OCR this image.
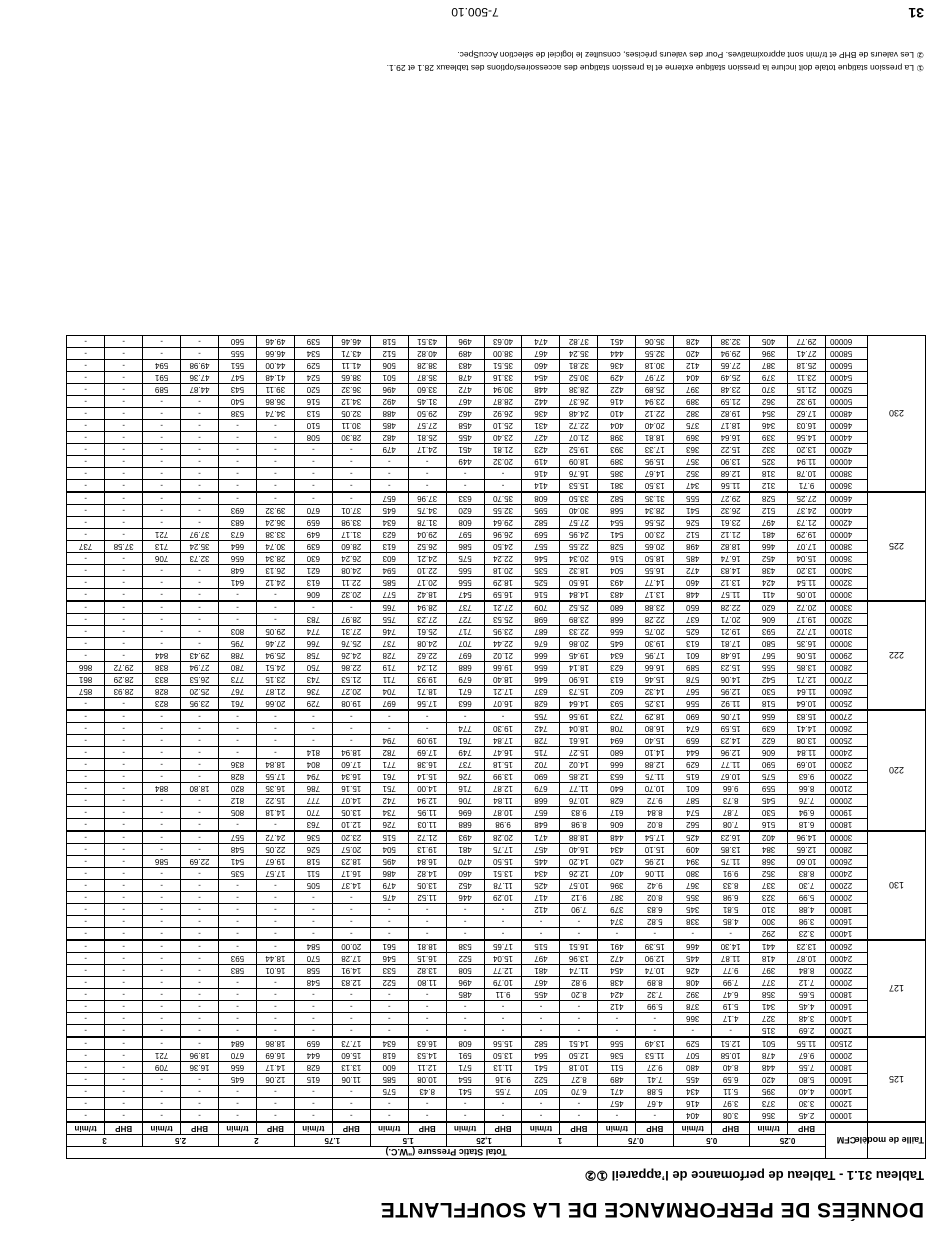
DONNÉES DE PERFORMANCE DE LA SOUFFLANTE
Tableau 31.1 - Tableau de perfomance de l’appareil ①②
Taille de modèle	CFM	Total Static Pressure ("W.C.)																			
		0.25		0.5		0.75		1		1,25		1.5		1.75		2		2.5		3	
		BHP	tr/min	BHP	tr/min	BHP	tr/min	BHP	tr/min	BHP	tr/min	BHP	tr/min	BHP	tr/min	BHP	tr/min	BHP	tr/min	BHP	tr/min
125	10000	2.45	356	3.08	404	-	-	-	-	-	-	-	-	-	-	-	-	-	-	-	-
	12000	3.30	373	3.97	416	4.67	457	-	-	-	-	-	-	-	-	-	-	-	-	-	-
	14000	4.40	395	5.11	434	5.88	471	6.70	507	7.55	541	8.43	575	-	-	-	-	-	-	-	-
	16000	5.80	420	6.59	455	7.41	489	8.27	522	9.16	554	10.08	585	11.06	615	12.06	645	-	-	-	-
	18000	7.55	448	8.40	480	9.27	511	10.18	541	11.13	571	12.11	600	13.13	628	14.17	656	16.36	709	-	-
	20000	9.67	478	10.58	507	11.53	536	12.50	564	13.50	591	14.53	618	15.60	644	16.69	670	18.96	721	-	-
	21500	11.55	501	12.51	529	13.49	556	14.51	582	15.56	608	16.63	634	17.73	659	18.86	684	-	-	-	-
127	12000	2.69	315	-	-	-	-	-	-	-	-	-	-	-	-	-	-	-	-	-	-
	14000	3.48	327	4.17	366	-	-	-	-	-	-	-	-	-	-	-	-	-	-	-	-
	16000	4.45	341	5.19	378	5.99	412	-	-	-	-	-	-	-	-	-	-	-	-	-	-
	18000	5.65	358	6.47	392	7.32	424	8.20	455	9.11	485	-	-	-	-	-	-	-	-	-	-
	20000	7.12	377	7.99	408	8.89	438	9.82	467	10.79	496	11.80	522	12.83	548	-	-	-	-	-	-
	22000	8.84	397	9.77	426	10.74	454	11.74	481	12.77	508	13.82	533	14.91	558	16.01	583	-	-	-	-
	24000	10.87	418	11.87	445	12.90	472	13.96	497	15.04	522	16.15	546	17.28	570	18.44	593	-	-	-	-
	26000	13.23	441	14.30	466	15.39	491	16.51	515	17.65	538	18.81	561	20.00	584	-	-	-	-	-	-
130	14000	3.23	292	-	-	-	-	-	-	-	-	-	-	-	-	-	-	-	-	-	-
	16000	3.98	300	4.85	338	5.82	374	-	-	-	-	-	-	-	-	-	-	-	-	-	-
	18000	4.88	310	5.81	345	6.83	379	7.90	412	-	-	-	-	-	-	-	-	-	-	-	-
	20000	5.99	323	6.98	355	8.02	387	9.12	417	10.29	446	11.52	475	-	-	-	-	-	-	-	-
	22000	7.30	337	8.33	367	9.42	396	10.57	425	11.78	452	13.05	479	14.37	505	-	-	-	-	-	-
	24000	8.83	352	9.91	380	11.06	407	12.26	434	13.51	460	14.82	486	16.17	511	17.57	535	-	-	-	-
	26000	10.60	368	11.75	394	12.95	420	14.20	445	15.50	470	16.84	495	18.23	518	19.67	541	22.69	586	-	-
	28000	12.65	384	13.85	409	15.10	434	16.40	457	17.75	481	19.13	504	20.57	526	22.05	548	-	-	-	-
	30000	14.96	402	16.23	425	17.54	448	18.88	471	20.28	493	21.72	515	23.20	536	24.72	557	-	-	-	-
220	18000	6.18	516	7.08	562	8.02	606	8.98	648	9.98	688	11.03	726	12.10	763	-	-	-	-	-	-
	19000	6.94	530	7.87	574	8.84	617	9.83	657	10.87	696	11.95	734	13.05	770	14.18	805	-	-	-	-
	20000	7.76	545	8.73	587	9.72	628	10.76	668	11.84	706	12.94	742	14.07	777	15.22	812	-	-	-	-
	21000	8.66	559	9.66	601	10.70	640	11.77	679	12.87	716	14.00	751	15.16	786	16.35	820	18.80	884	-	-
	22000	9.63	575	10.67	615	11.75	653	12.85	690	13.99	726	15.14	761	16.34	794	17.55	828	-	-	-	-
	23000	10.69	590	11.77	629	12.88	666	14.02	702	15.18	737	16.38	771	17.60	804	18.84	836	-	-	-	-
	24000	11.84	606	12.96	644	14.10	680	15.27	715	16.47	749	17.69	782	18.94	814	-	-	-	-	-	-
	25000	13.08	622	14.23	659	15.40	694	16.61	728	17.84	761	19.09	794	-	-	-	-	-	-	-	-
	26000	14.41	639	15.59	674	16.80	708	18.04	742	19.30	774	-	-	-	-	-	-	-	-	-	-
	27000	15.83	656	17.05	690	18.29	723	19.56	755	-	-	-	-	-	-	-	-	-	-	-	-
222	25000	10.64	518	11.92	556	13.25	593	14.64	628	16.07	663	17.56	697	19.08	729	20.66	761	23.95	823	-	-
	26000	11.64	530	12.95	567	14.32	602	15.73	637	17.21	671	18.71	704	20.27	736	21.87	767	25.20	828	28.93	857
	27000	12.71	542	14.06	578	15.46	613	16.90	646	18.40	679	19.93	711	21.53	743	23.15	773	26.53	833	28.29	861
	28000	13.85	555	15.23	589	16.66	623	18.14	656	19.66	688	21.24	719	22.86	750	24.51	780	27.94	838	29.72	866
	29000	15.06	567	16.48	601	17.95	634	19.45	666	21.02	697	22.62	728	24.26	758	25.94	788	29.43	844	-	-
	30000	16.35	580	17.81	613	19.30	645	20.86	676	22.44	707	24.08	737	25.76	766	27.46	795	-	-	-	-
	31000	17.72	593	19.21	625	20.75	656	22.33	687	23.95	717	25.61	746	27.31	774	29.05	803	-	-	-	-
	32000	19.17	606	20.71	637	22.28	668	23.89	698	25.53	727	27.23	755	28.97	783	-	-	-	-	-	-
	33000	20.72	620	22.28	650	23.88	680	25.52	709	27.21	737	28.94	765	-	-	-	-	-	-	-	-
225	30000	10.05	411	11.57	448	13.17	483	14.84	516	16.59	547	18.42	577	20.32	606	-	-	-	-	-	-
	32000	11.54	424	13.12	460	14.77	493	16.50	525	18.29	556	20.17	585	22.11	613	24.12	641	-	-	-	-
	34000	13.20	438	14.83	472	16.55	504	18.32	535	20.18	565	22.10	594	24.08	621	26.13	648	-	-	-	-
	36000	15.04	452	16.74	485	18.50	516	20.34	546	22.24	575	24.21	603	26.24	630	28.34	656	32.73	706	-	-
	38000	17.07	466	18.82	498	20.65	528	22.55	557	24.50	586	26.52	613	28.60	639	30.74	664	35.24	713	37.58	737
	40000	19.29	481	21.12	512	23.00	541	24.95	569	26.96	597	29.04	623	31.17	649	33.38	673	37.97	721	-	-
	42000	21.73	497	23.61	526	25.56	554	27.57	582	29.64	608	31.78	634	33.98	659	36.24	683	-	-	-	-
	44000	24.37	512	26.32	541	28.34	568	30.40	595	32.55	620	34.75	645	37.01	670	39.32	693	-	-	-	-
	46000	27.25	528	29.27	555	31.35	582	33.50	608	35.70	633	37.96	657	-	-	-	-	-	-	-	-
230	36000	9.71	312	11.56	347	13.50	381	15.53	414	-	-	-	-	-	-	-	-	-	-	-	-
	38000	10.78	318	12.68	352	14.67	385	16.76	416	-	-	-	-	-	-	-	-	-	-	-	-
	40000	11.94	325	13.90	357	15.95	389	18.09	419	20.32	449	-	-	-	-	-	-	-	-	-	-
	42000	13.20	332	15.22	363	17.33	393	19.52	423	21.81	451	24.17	479	-	-	-	-	-	-	-	-
	44000	14.56	339	16.64	369	18.81	398	21.07	427	23.40	455	25.81	482	28.30	508	-	-	-	-	-	-
	46000	16.03	346	18.17	375	20.40	404	22.72	431	25.10	458	27.57	485	30.11	510	-	-	-	-	-	-
	48000	17.62	354	19.82	382	22.12	410	24.48	436	26.92	462	29.50	488	32.05	513	34.74	538	-	-	-	-
	50000	19.32	362	21.59	389	23.94	416	26.37	442	28.87	467	31.45	492	34.12	516	36.86	540	-	-	-	-
	52000	21.15	370	23.48	397	25.89	422	28.38	448	30.94	472	33.60	496	36.32	520	39.11	543	44.87	589	-	-
	54000	23.11	379	25.49	404	27.97	429	30.52	454	33.16	478	35.87	501	38.65	524	41.48	547	47.36	591	-	-
	56000	25.18	387	27.65	412	30.18	436	32.81	460	35.51	483	38.28	506	41.11	529	44.00	551	49.98	594	-	-
	58000	27.41	396	29.94	420	32.55	444	35.24	467	38.00	489	40.82	512	43.71	534	46.66	555	-	-	-	-
	60000	29.77	405	32.38	428	35.06	451	37.82	474	40.63	496	43.51	518	46.46	539	49.46	560	-	-	-	-
① La pression statique totale doit inclure la pression statique externe et la pression statique des accessoires/options des tableaux 28.1 et 29.1.
② Les valeurs de BHP et tr/min sont approximatives. Pour des valeurs précises, consultez le logiciel de sélection AccuSpec.
7-500.10	31
